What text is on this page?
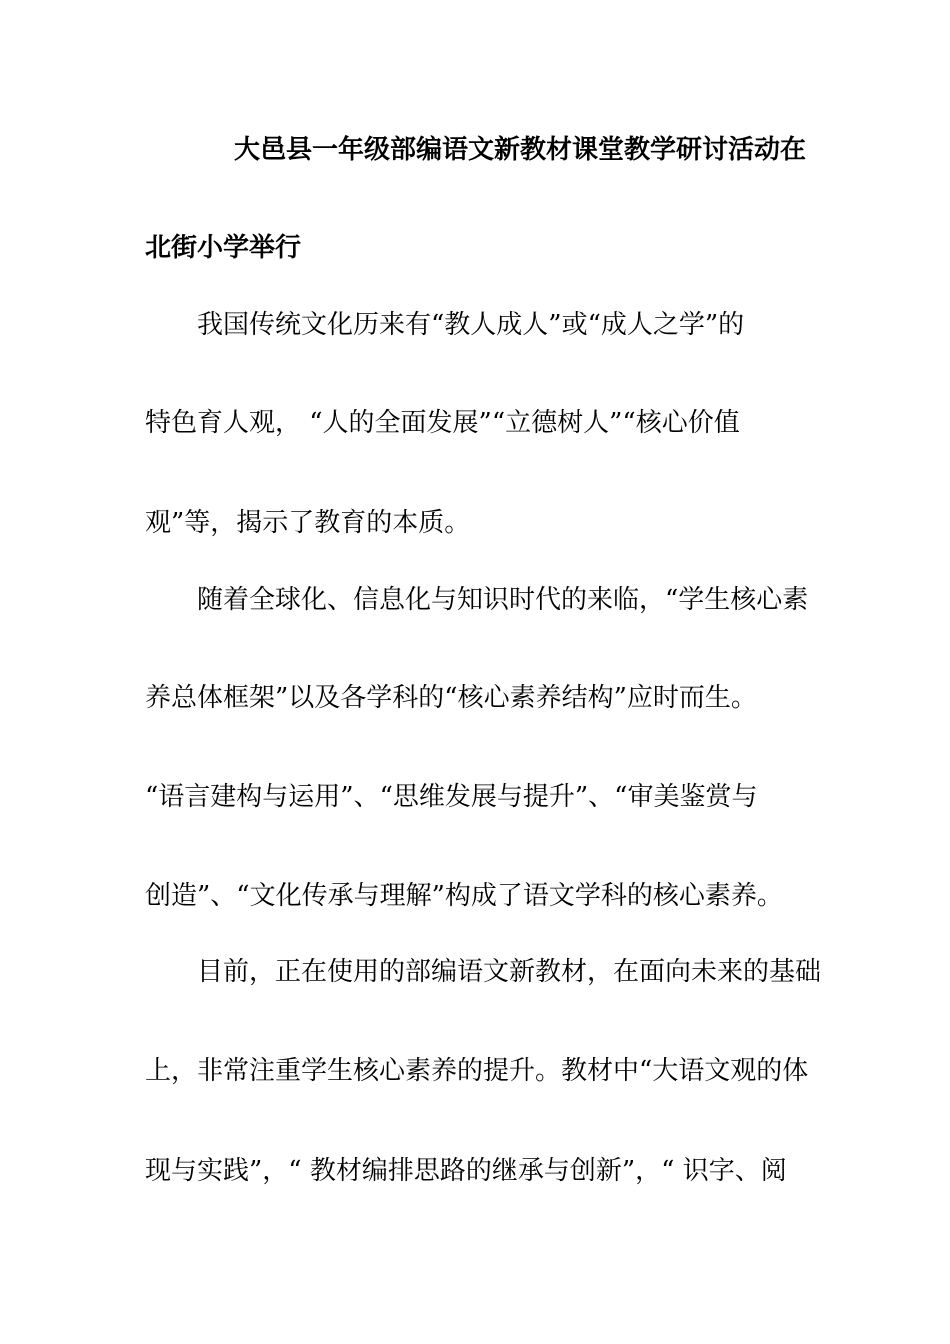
大邑县一年级部编语文新教材课堂教学研讨活动在
北街小学举行
我国传统文化历来有“教人成人”或“成人之学”的
特色育人观， “人的全面发展”“立德树人”“核心价值
观”等，揭示了教育的本质。
随着全球化、信息化与知识时代的来临，“学生核心素
养总体框架”以及各学科的“核心素养结构”应时而生。
“语言建构与运用”、“思维发展与提升”、“审美鉴赏与
创造”、“文化传承与理解”构成了语文学科的核心素养。
目前，正在使用的部编语文新教材，在面向未来的基础
上，非常注重学生核心素养的提升。教材中“大语文观的体
现与实践”，“ 教材编排思路的继承与创新”，“ 识字、阅
